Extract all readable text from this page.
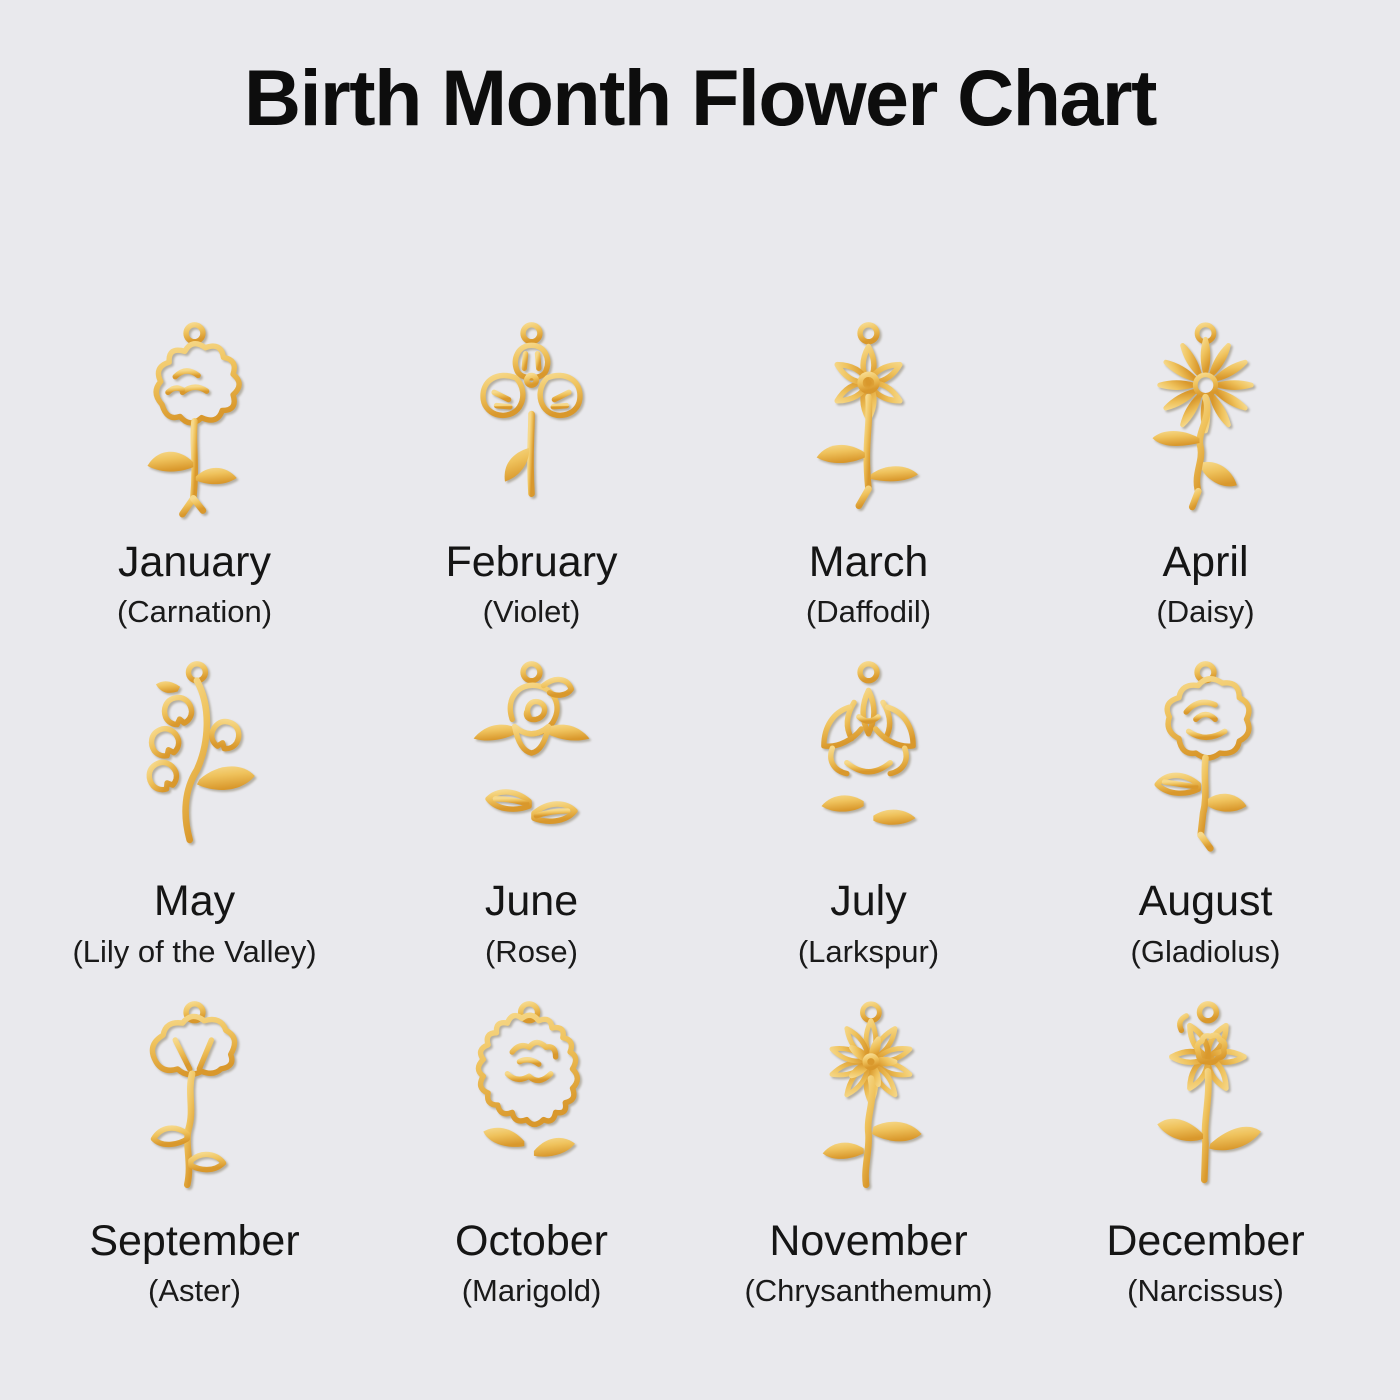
Birth Month Flower Chart
January
(Carnation)
February
(Violet)
March
(Daffodil)
April
(Daisy)
May
(Lily of the Valley)
June
(Rose)
July
(Larkspur)
August
(Gladiolus)
September
(Aster)
October
(Marigold)
November
(Chrysanthemum)
December
(Narcissus)
